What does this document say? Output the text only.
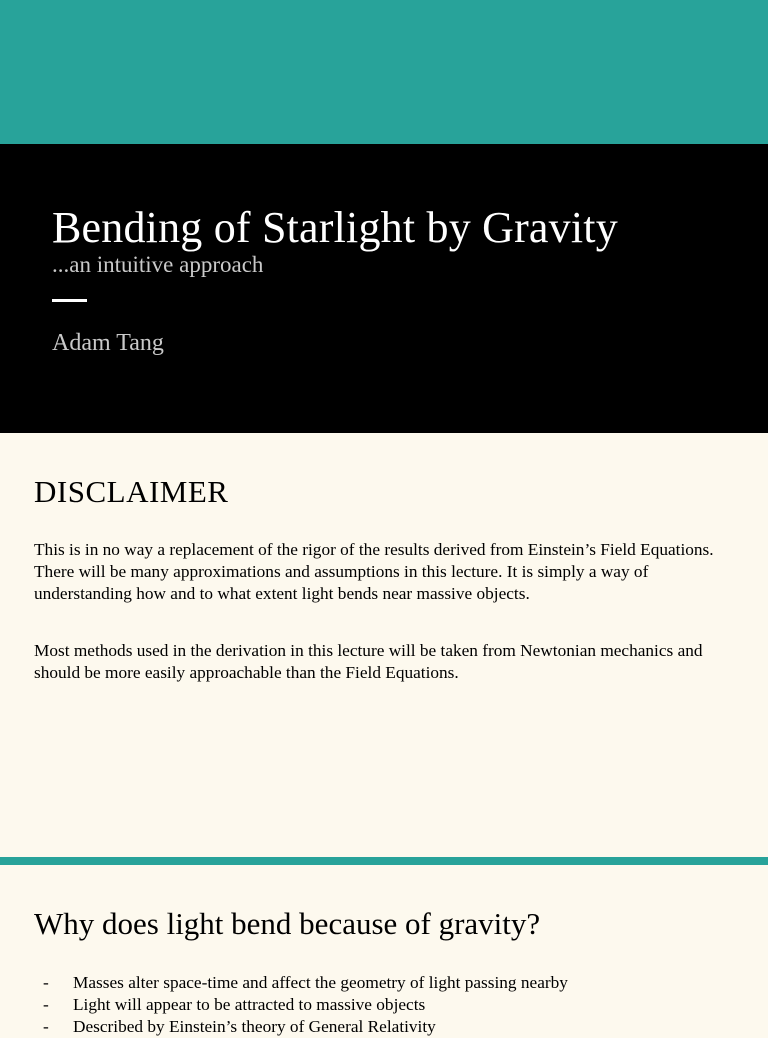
Bending of Starlight by Gravity
...an intuitive approach
Adam Tang
DISCLAIMER
This is in no way a replacement of the rigor of the results derived from Einstein’s Field Equations. There will be many approximations and assumptions in this lecture. It is simply a way of understanding how and to what extent light bends near massive objects.
Most methods used in the derivation in this lecture will be taken from Newtonian mechanics and should be more easily approachable than the Field Equations.
Why does light bend because of gravity?
- Masses alter space-time and affect the geometry of light passing nearby
- Light will appear to be attracted to massive objects
- Described by Einstein’s theory of General Relativity
